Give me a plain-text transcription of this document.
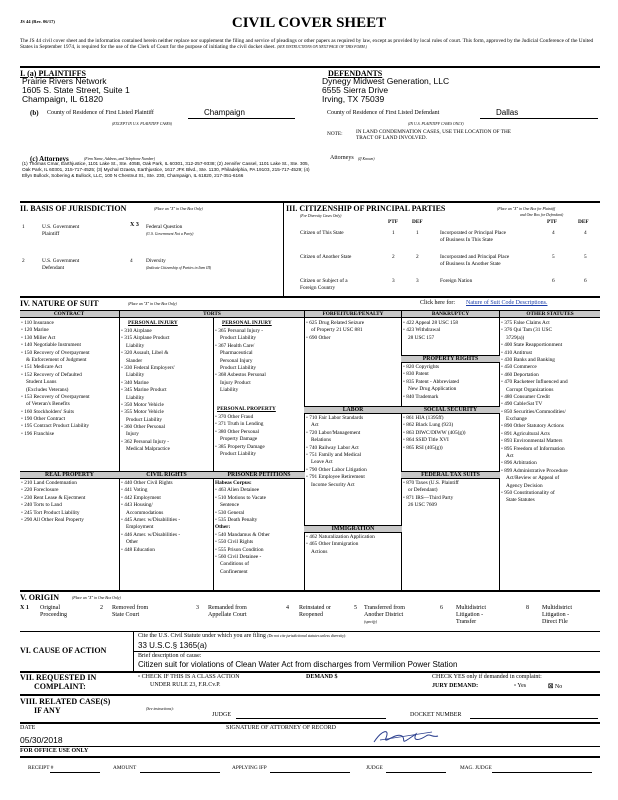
JS 44 (Rev. 06/17)	CIVIL COVER SHEET
The JS 44 civil cover sheet and the information contained herein neither replace nor supplement the filing and service of pleadings or other papers as required by law, except as provided by local rules of court. This form, approved by the Judicial Conference of the United States in September 1974, is required for the use of the Clerk of Court for the purpose of initiating the civil docket sheet. (SEE INSTRUCTIONS ON NEXT PAGE OF THIS FORM.)
I. (a) PLAINTIFFS	DEFENDANTS
Prairie Rivers Network
1605 S. State Street, Suite 1
Champaign, IL 61820
Dynegy Midwest Generation, LLC
6555 Sierra Drive
Irving, TX 75039
(b) County of Residence of First Listed Plaintiff	Champaign
(EXCEPT IN U.S. PLAINTIFF CASES)
County of Residence of First Listed Defendant	Dallas
(IN U.S. PLAINTIFF CASES ONLY)
NOTE:	IN LAND CONDEMNATION CASES, USE THE LOCATION OF THE TRACT OF LAND INVOLVED.
(c) Attorneys	(Firm Name, Address, and Telephone Number)
(1) Thomas Cmar, Earthjustice, 1101 Lake St., Ste. 405B, Oak Park, IL 60301, 312-257-9338; (2) Jennifer Cassel, 1101 Lake St., Ste. 305, Oak Park, IL 60301, 215-717-4525; (3) Mychal Ozaeta, Earthjustice, 1617 JFK Blvd., Ste. 1130, Philadelphia, PA 19103, 215-717-4529; (4) Ellyn Bullock, Sobering & Bullock, LLC, 100 N Chestnut St., Ste. 230, Champaign, IL 61820, 217-351-6166
Attorneys (If Known)
II. BASIS OF JURISDICTION	(Place an "X" in One Box Only)
1	U.S. Government
Plaintiff
X 3 Federal Question
(U.S. Government Not a Party)
2	U.S. Government
Defendant
4	Diversity
(Indicate Citizenship of Parties in Item III)
III. CITIZENSHIP OF PRINCIPAL PARTIES	(Place an "X" in One Box for Plaintiff
and One Box for Defendant)
(For Diversity Cases Only)
PTF	DEF	PTF	DEF
Citizen of This State	1	1	Incorporated or Principal Place
of Business In This State
4	4
Citizen of Another State	2	2	Incorporated and Principal Place
of Business In Another State
5	5
Citizen or Subject of a
Foreign Country
3	3	Foreign Nation	6	6
IV. NATURE OF SUIT	(Place an "X" in One Box Only)	Click here for: Nature of Suit Code Descriptions.
CONTRACT	TORTS	FORFEITURE/PENALTY	BANKRUPTCY	OTHER STATUTES
▫ 110 Insurance
▫ 120 Marine
▫ 130 Miller Act
▫ 140 Negotiable Instrument
▫ 150 Recovery of Overpayment
& Enforcement of Judgment
▫ 151 Medicare Act
▫ 152 Recovery of Defaulted
Student Loans
(Excludes Veterans)
▫ 153 Recovery of Overpayment
of Veteran's Benefits
▫ 160 Stockholders' Suits
▫ 190 Other Contract
▫ 195 Contract Product Liability
▫ 196 Franchise
REAL PROPERTY
▫ 210 Land Condemnation
▫ 220 Foreclosure
▫ 230 Rent Lease & Ejectment
▫ 240 Torts to Land
▫ 245 Tort Product Liability
▫ 290 All Other Real Property
PERSONAL INJURY
▫ 310 Airplane
▫ 315 Airplane Product
Liability
▫ 320 Assault, Libel &
Slander
▫ 330 Federal Employers'
Liability
▫ 340 Marine
▫ 345 Marine Product
Liability
▫ 350 Motor Vehicle
▫ 355 Motor Vehicle
Product Liability
▫ 360 Other Personal
Injury
▫ 362 Personal Injury -
Medical Malpractice
PERSONAL INJURY
▫ 365 Personal Injury -
Product Liability
▫ 367 Health Care/
Pharmaceutical
Personal Injury
Product Liability
▫ 368 Asbestos Personal
Injury Product
Liability
PERSONAL PROPERTY
▫ 370 Other Fraud
▫ 371 Truth in Lending
▫ 380 Other Personal
Property Damage
▫ 385 Property Damage
Product Liability
CIVIL RIGHTS
▫ 440 Other Civil Rights
▫ 441 Voting
▫ 442 Employment
▫ 443 Housing/
Accommodations
▫ 445 Amer. w/Disabilities -
Employment
▫ 446 Amer. w/Disabilities -
Other
▫ 448 Education
PRISONER PETITIONS
Habeas Corpus:
▫ 463 Alien Detainee
▫ 510 Motions to Vacate
Sentence
▫ 530 General
▫ 535 Death Penalty
Other:
▫ 540 Mandamus & Other
▫ 550 Civil Rights
▫ 555 Prison Condition
▫ 560 Civil Detainee -
Conditions of
Confinement
▫ 625 Drug Related Seizure
of Property 21 USC 881
▫ 690 Other
LABOR
▫ 710 Fair Labor Standards
Act
▫ 720 Labor/Management
Relations
▫ 740 Railway Labor Act
▫ 751 Family and Medical
Leave Act
▫ 790 Other Labor Litigation
▫ 791 Employee Retirement
Income Security Act
IMMIGRATION
▫ 462 Naturalization Application
▫ 465 Other Immigration
Actions
▫ 422 Appeal 28 USC 158
▫ 423 Withdrawal
28 USC 157
PROPERTY RIGHTS
▫ 820 Copyrights
▫ 830 Patent
▫ 835 Patent - Abbreviated
New Drug Application
▫ 840 Trademark
SOCIAL SECURITY
▫ 861 HIA (1395ff)
▫ 862 Black Lung (923)
▫ 863 DIWC/DIWW (405(g))
▫ 864 SSID Title XVI
▫ 865 RSI (405(g))
FEDERAL TAX SUITS
▫ 870 Taxes (U.S. Plaintiff
or Defendant)
▫ 871 IRS—Third Party
26 USC 7609
▫ 375 False Claims Act
▫ 376 Qui Tam (31 USC
3729(a))
▫ 400 State Reapportionment
▫ 410 Antitrust
▫ 430 Banks and Banking
▫ 450 Commerce
▫ 460 Deportation
▫ 470 Racketeer Influenced and
Corrupt Organizations
▫ 480 Consumer Credit
▫ 490 Cable/Sat TV
▫ 850 Securities/Commodities/
Exchange
▫ 890 Other Statutory Actions
▫ 891 Agricultural Acts
▫ 893 Environmental Matters
▫ 895 Freedom of Information
Act
▫ 896 Arbitration
▫ 899 Administrative Procedure
Act/Review or Appeal of
Agency Decision
▫ 950 Constitutionality of
State Statutes
V. ORIGIN	(Place an "X" in One Box Only)
X 1 Original
Proceeding
2 Removed from
State Court
3 Remanded from
Appellate Court
4 Reinstated or
Reopened
5 Transferred from
Another District
(specify)
6 Multidistrict
Litigation -
Transfer
8 Multidistrict
Litigation -
Direct File
VI. CAUSE OF ACTION
Cite the U.S. Civil Statute under which you are filing (Do not cite jurisdictional statutes unless diversity):
33 U.S.C.§ 1365(a)
Brief description of cause:
Citizen suit for violations of Clean Water Act from discharges from Vermilion Power Station
VII. REQUESTED IN
COMPLAINT:
▫ CHECK IF THIS IS A CLASS ACTION
UNDER RULE 23, F.R.Cv.P.
DEMAND $	CHECK YES only if demanded in complaint:
JURY DEMAND:	▫ Yes	☒ No
VIII. RELATED CASE(S)
IF ANY	(See instructions):
JUDGE	DOCKET NUMBER
DATE	SIGNATURE OF ATTORNEY OF RECORD
05/30/2018
FOR OFFICE USE ONLY
RECEIPT #	AMOUNT	APPLYING IFP	JUDGE	MAG. JUDGE
